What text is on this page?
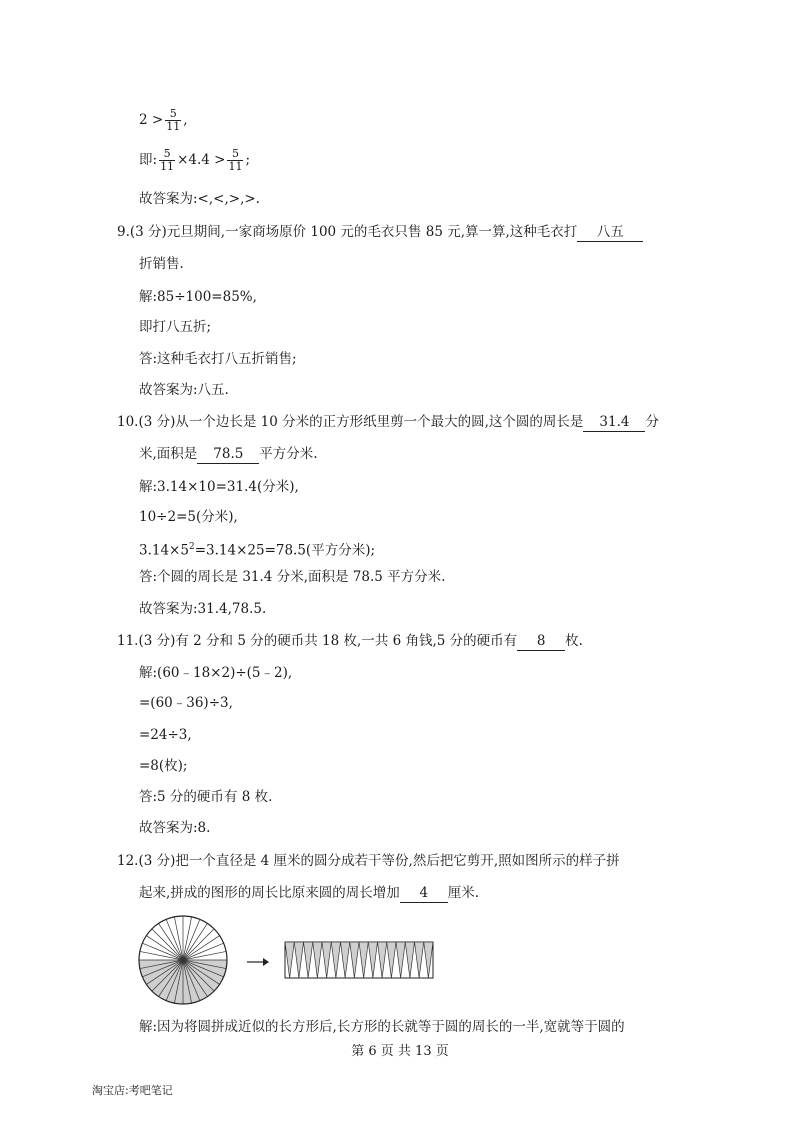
$2 > \frac{5}{11}$ ,
即: $\frac{5}{11} \times 4.4 > \frac{5}{11}$ ;
故答案为:<,<,>,>.
9.(3 分)元旦期间,一家商场原价 100 元的毛衣只售 85 元,算一算,这种毛衣打 八五
折销售.
解:85÷100=85%,
即打八五折;
答:这种毛衣打八五折销售;
故答案为:八五.
10.(3 分)从一个边长是 10 分米的正方形纸里剪一个最大的圆,这个圆的周长是 31.4 分
米,面积是 78.5 平方分米.
解:3.14×10=31.4(分米),
10÷2=5(分米),
$3.14\times 5^2=3.14\times 25=78.5$(平方分米);
答:个圆的周长是 31.4 分米,面积是 78.5 平方分米.
故答案为:31.4,78.5.
11.(3 分)有 2 分和 5 分的硬币共 18 枚,一共 6 角钱,5 分的硬币有 8 枚.
解:(60﹣18×2)÷(5﹣2),
=(60﹣36)÷3,
=24÷3,
=8(枚);
答:5 分的硬币有 8 枚.
故答案为:8.
12.(3 分)把一个直径是 4 厘米的圆分成若干等份,然后把它剪开,照如图所示的样子拼
起来,拼成的图形的周长比原来圆的周长增加 4 厘米.
解:因为将圆拼成近似的长方形后,长方形的长就等于圆的周长的一半,宽就等于圆的
第 6 页 共 13 页
淘宝店:考吧笔记
